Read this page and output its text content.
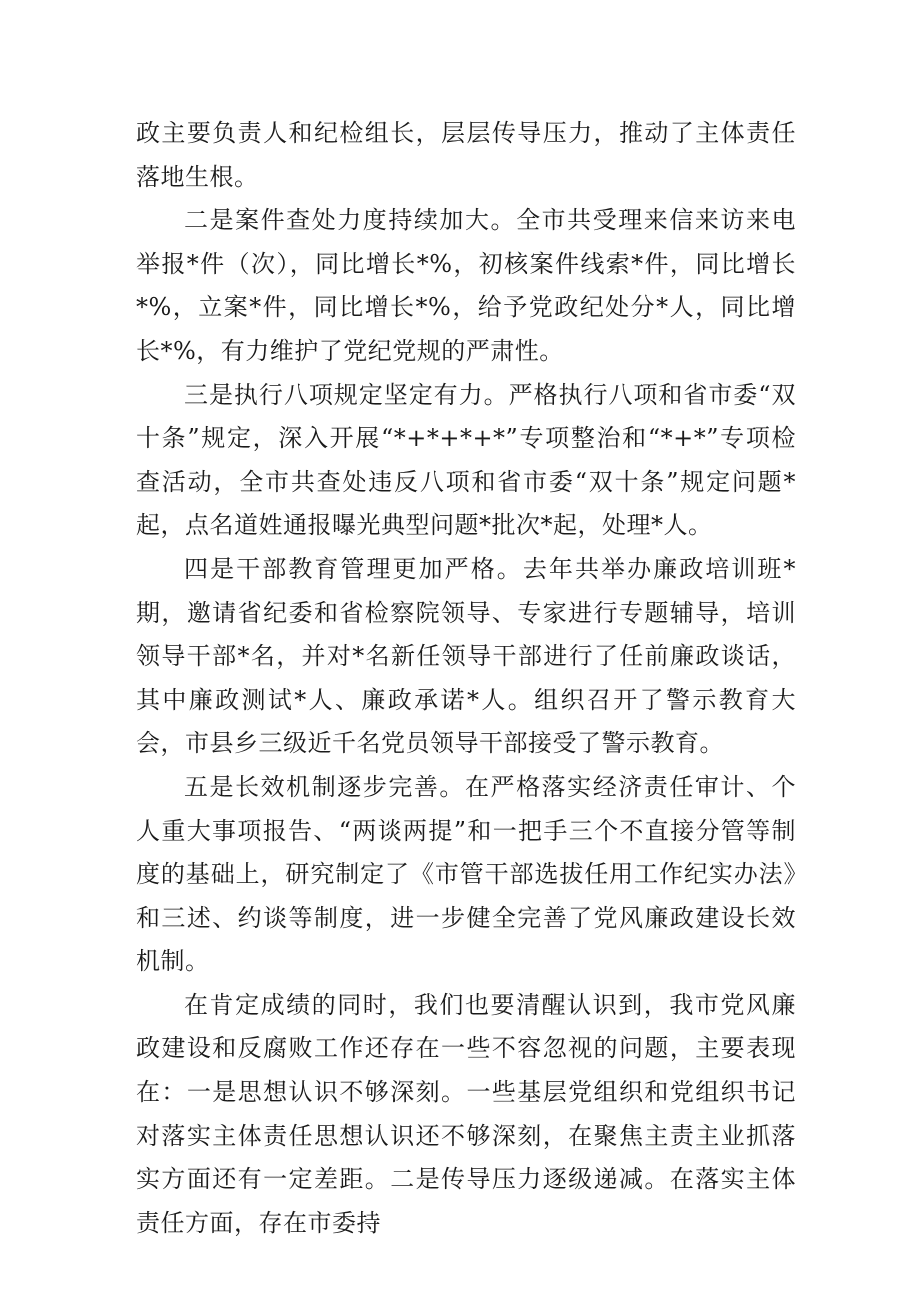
政主要负责人和纪检组长，层层传导压力，推动了主体责任落地生根。

二是案件查处力度持续加大。全市共受理来信来访来电举报*件（次），同比增长*%，初核案件线索*件，同比增长*%，立案*件，同比增长*%，给予党政纪处分*人，同比增长*%，有力维护了党纪党规的严肃性。

三是执行八项规定坚定有力。严格执行八项和省市委“双十条”规定，深入开展“*+*+*+*”专项整治和“*+*”专项检查活动，全市共查处违反八项和省市委“双十条”规定问题*起，点名道姓通报曝光典型问题*批次*起，处理*人。

四是干部教育管理更加严格。去年共举办廉政培训班*期，邀请省纪委和省检察院领导、专家进行专题辅导，培训领导干部*名，并对*名新任领导干部进行了任前廉政谈话，其中廉政测试*人、廉政承诺*人。组织召开了警示教育大会，市县乡三级近千名党员领导干部接受了警示教育。

五是长效机制逐步完善。在严格落实经济责任审计、个人重大事项报告、“两谈两提”和一把手三个不直接分管等制度的基础上，研究制定了《市管干部选拔任用工作纪实办法》和三述、约谈等制度，进一步健全完善了党风廉政建设长效机制。

在肯定成绩的同时，我们也要清醒认识到，我市党风廉政建设和反腐败工作还存在一些不容忽视的问题，主要表现在：一是思想认识不够深刻。一些基层党组织和党组织书记对落实主体责任思想认识还不够深刻，在聚焦主责主业抓落实方面还有一定差距。二是传导压力逐级递减。在落实主体责任方面，存在市委持
